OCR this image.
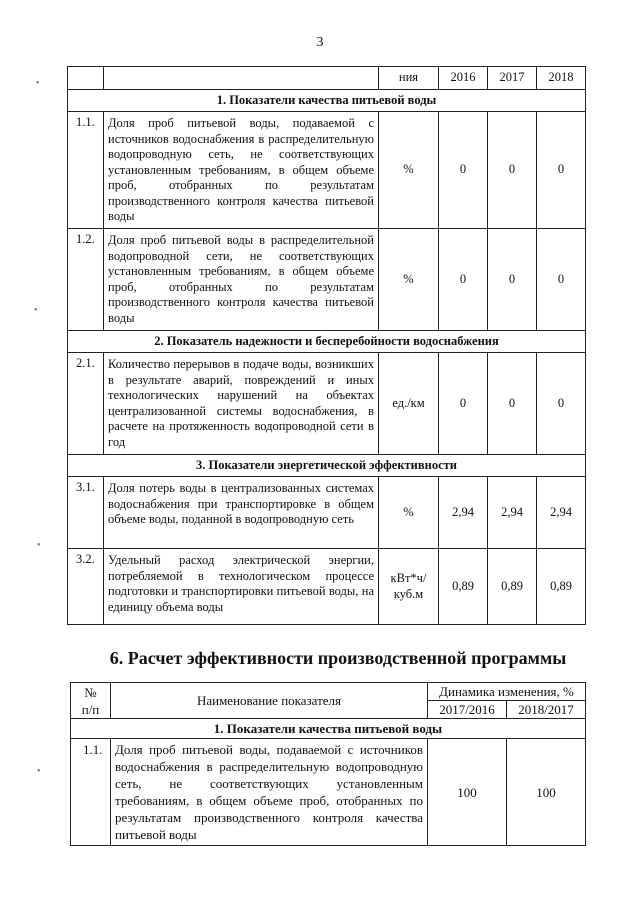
3
•
•
•
•
		ния	2016	2017	2018
1. Показатели качества питьевой воды					
1.1.	Доля проб питьевой воды, подаваемой с источников водоснабжения в распределительную водопроводную сеть, не соответствующих установленным требованиям, в общем объеме проб, отобранных по результатам производственного контроля качества питьевой воды	%	0	0	0
1.2.	Доля проб питьевой воды в распределительной водопроводной сети, не соответствующих установленным требованиям, в общем объеме проб, отобранных по результатам производственного контроля качества питьевой воды	%	0	0	0
2. Показатель надежности и бесперебойности водоснабжения					
2.1.	Количество перерывов в подаче воды, возникших в результате аварий, повреждений и иных технологических нарушений на объектах централизованной системы водоснабжения, в расчете на протяженность водопроводной сети в год	ед./км	0	0	0
3. Показатели энергетической эффективности					
3.1.	Доля потерь воды в централизованных системах водоснабжения при транспортировке в общем объеме воды, поданной в водопроводную сеть	%	2,94	2,94	2,94
3.2.	Удельный расход электрической энергии, потребляемой в технологическом процессе подготовки и транспортировки питьевой воды, на единицу объема воды	кВт*ч/ куб.м	0,89	0,89	0,89
6. Расчет эффективности производственной программы
№
п/п	Наименование показателя	Динамика изменения, %	
		2017/2016	2018/2017
1. Показатели качества питьевой воды			
1.1.	Доля проб питьевой воды, подаваемой с источников водоснабжения в распределительную водопроводную сеть, не соответствующих установленным требованиям, в общем объеме проб, отобранных по результатам производственного контроля качества питьевой воды	100	100
